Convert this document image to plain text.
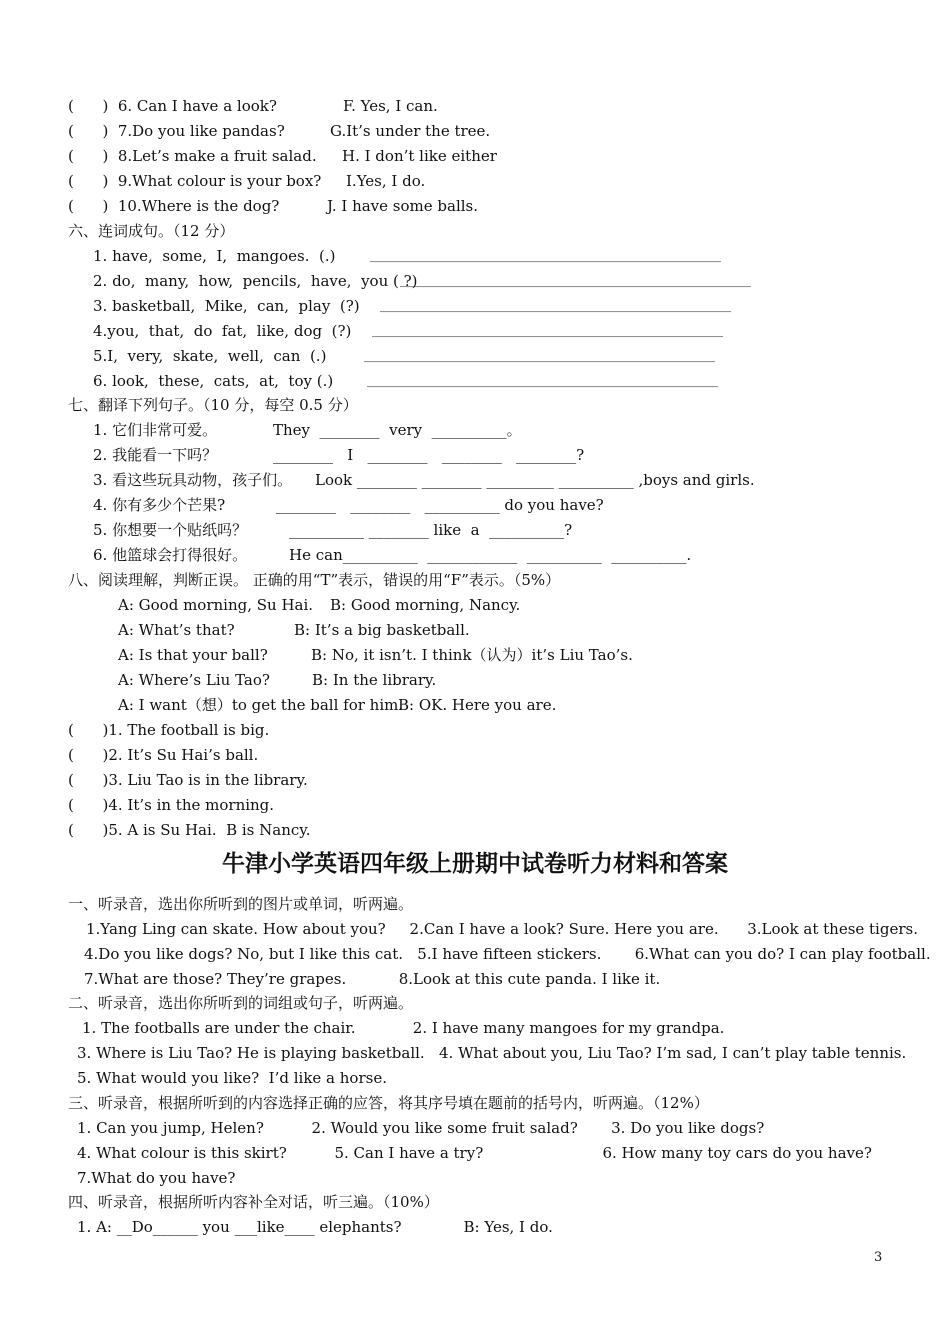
(      )  6. Can I have a look?	F. Yes, I can.
(      )  7.Do you like pandas?	G.It’s under the tree.
(      )  8.Let’s make a fruit salad. H. I don’t like either
(      )  9.What colour is your box? I.Yes, I do.
(      )  10.Where is the dog?	J. I have some balls.
六、连词成句。（12 分）
1. have,  some,  I,  mangoes.  (.)	______________________________________________________
2. do,  many,  how,  pencils,  have,  you ( ?)
______________________________________________________
3. basketball,  Mike,  can,  play  (?) ______________________________________________________
4.you,  that,  do  fat,  like, dog  (?) ______________________________________________________
5.I,  very,  skate,  well,  can  (.)	______________________________________________________
6. look,  these,  cats,  at,  toy (.)	______________________________________________________
七、翻译下列句子。（10 分，每空 0.5 分）
1. 它们非常可爱。	They  ________  very  __________。
2. 我能看一下吗？	________   I   ________   ________   ________?
3. 看这些玩具动物，孩子们。 Look ________ ________ _________ __________ ,boys and girls.
4. 你有多少个芒果?	________   ________   __________ do you have?
5. 你想要一个贴纸吗？	__________ ________ like  a  __________?
6. 他篮球会打得很好。	He can__________  ____________  __________  __________.
八、阅读理解，判断正误。 正确的用“T”表示，错误的用“F”表示。（5%）
A: Good morning, Su Hai. B: Good morning, Nancy.
A: What’s that?	B: It’s a big basketball.
A: Is that your ball?	B: No, it isn’t. I think（认为）it’s Liu Tao’s.
A: Where’s Liu Tao?	B: In the library.
A: I want（想）to get the ball for him.
B: OK. Here you are.
(      )1. The football is big.
(      )2. It’s Su Hai’s ball.
(      )3. Liu Tao is in the library.
(      )4. It’s in the morning.
(      )5. A is Su Hai.  B is Nancy.
牛津小学英语四年级上册期中试卷听力材料和答案
一、听录音，选出你所听到的图片或单词，听两遍。
1.Yang Ling can skate. How about you?     2.Can I have a look? Sure. Here you are.      3.Look at these tigers.
4.Do you like dogs? No, but I like this cat.   5.I have fifteen stickers.       6.What can you do? I can play football.
7.What are those? They’re grapes.           8.Look at this cute panda. I like it.
二、听录音，选出你所听到的词组或句子，听两遍。
1. The footballs are under the chair.            2. I have many mangoes for my grandpa.
3. Where is Liu Tao? He is playing basketball.   4. What about you, Liu Tao? I’m sad, I can’t play table tennis.
5. What would you like?  I’d like a horse.
三、听录音，根据所听到的内容选择正确的应答，将其序号填在题前的括号内，听两遍。（12%）
1. Can you jump, Helen?          2. Would you like some fruit salad?       3. Do you like dogs?
4. What colour is this skirt?          5. Can I have a try?                         6. How many toy cars do you have?
7.What do you have?
四、听录音，根据所听内容补全对话，听三遍。（10%）
1. A: __Do______ you ___like____ elephants?             B: Yes, I do.
3
